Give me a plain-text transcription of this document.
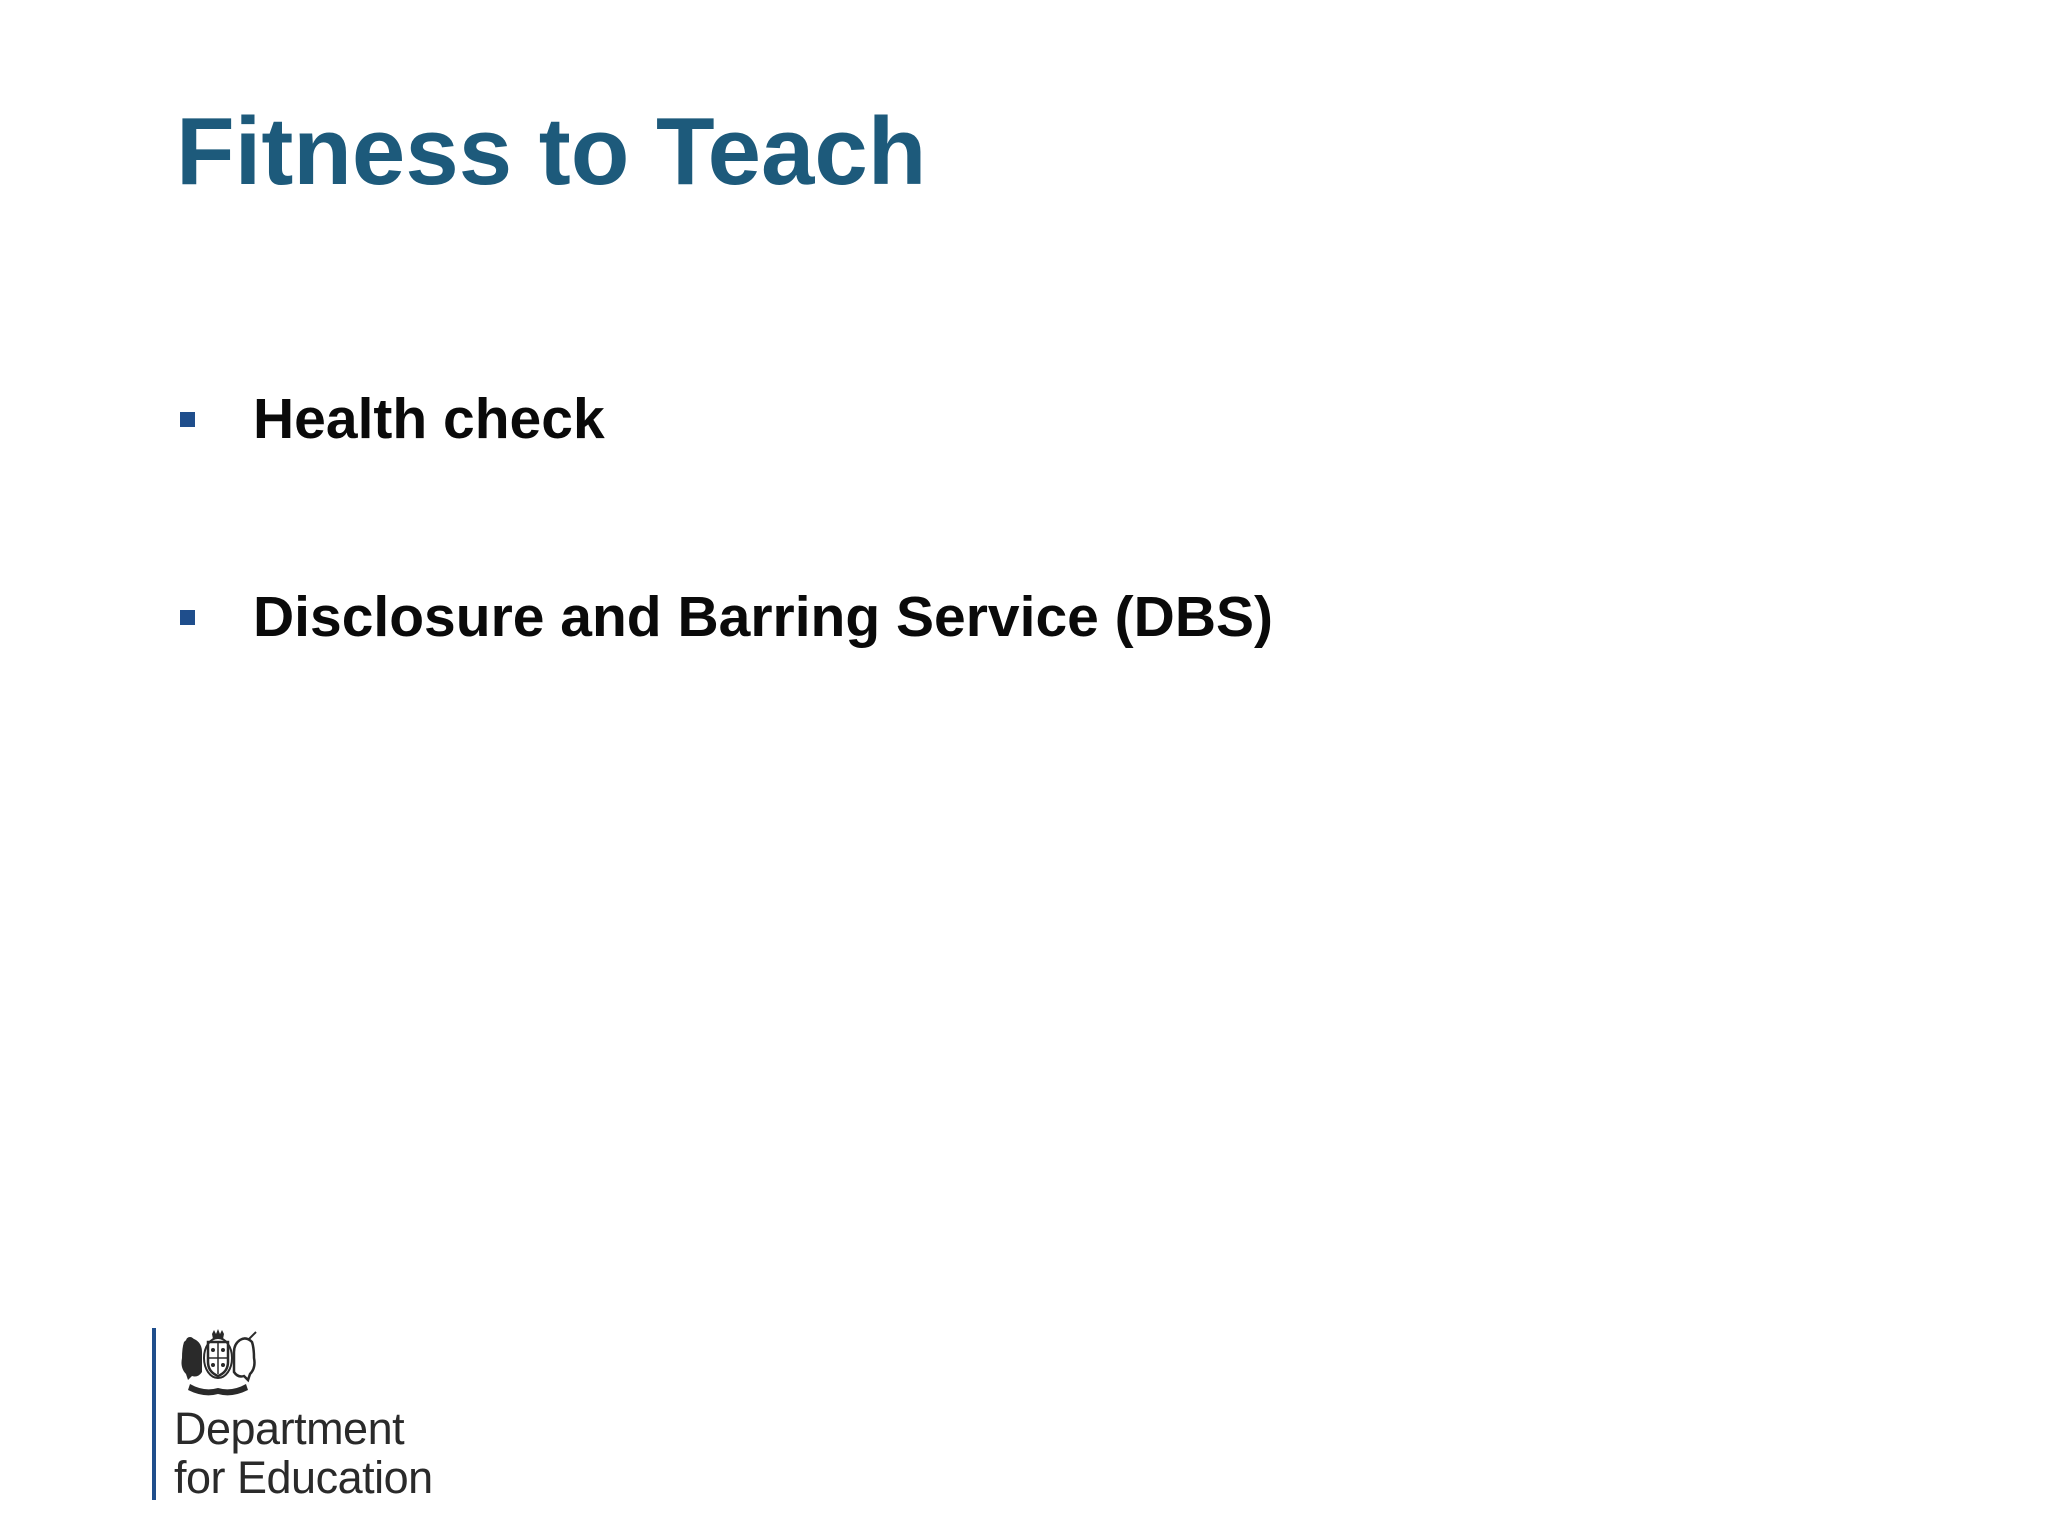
Fitness to Teach
Health check
Disclosure and Barring Service (DBS)
Department
for Education
